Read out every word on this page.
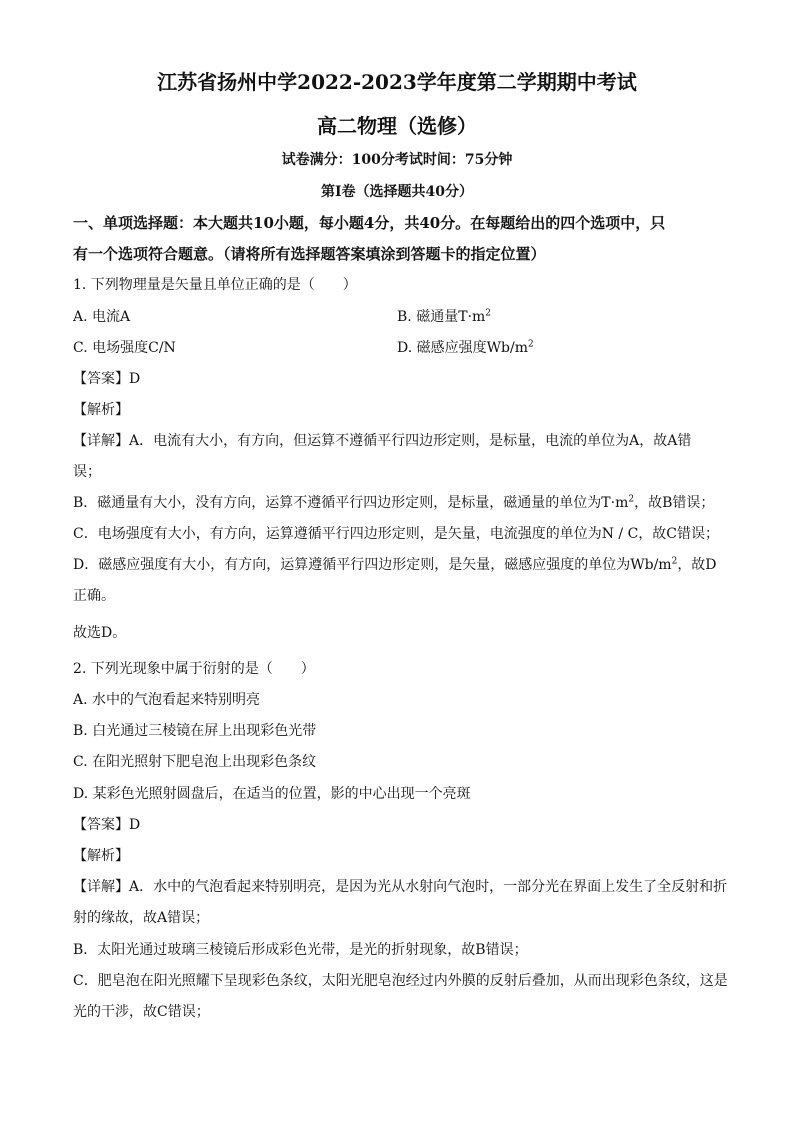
江苏省扬州中学2022-2023学年度第二学期期中考试
高二物理（选修）
试卷满分：100分考试时间：75分钟
第Ⅰ卷（选择题共40分）
一、单项选择题：本大题共10小题，每小题4分，共40分。在每题给出的四个选项中，只
有一个选项符合题意。（请将所有选择题答案填涂到答题卡的指定位置）
1. 下列物理量是矢量且单位正确的是（　　）
A. 电流A	B. 磁通量$T\cdot m^2$
C. 电场强度C/N	D. 磁感应强度$Wb/m^2$
【答案】D
【解析】
【详解】A．电流有大小，有方向，但运算不遵循平行四边形定则，是标量，电流的单位为A，故A错
误；
B．磁通量有大小，没有方向，运算不遵循平行四边形定则，是标量，磁通量的单位为$T\cdot m^2$，故B错误；
C．电场强度有大小，有方向，运算遵循平行四边形定则，是矢量，电流强度的单位为N / C，故C错误；
D．磁感应强度有大小，有方向，运算遵循平行四边形定则，是矢量，磁感应强度的单位为$Wb/m^2$，故D
正确。
故选D。
2. 下列光现象中属于衍射的是（　　）
A. 水中的气泡看起来特别明亮
B. 白光通过三棱镜在屏上出现彩色光带
C. 在阳光照射下肥皂泡上出现彩色条纹
D. 某彩色光照射圆盘后，在适当的位置，影的中心出现一个亮斑
【答案】D
【解析】
【详解】A．水中的气泡看起来特别明亮，是因为光从水射向气泡时，一部分光在界面上发生了全反射和折
射的缘故，故A错误；
B．太阳光通过玻璃三棱镜后形成彩色光带，是光的折射现象，故B错误；
C．肥皂泡在阳光照耀下呈现彩色条纹，太阳光肥皂泡经过内外膜的反射后叠加，从而出现彩色条纹，这是
光的干涉，故C错误；
